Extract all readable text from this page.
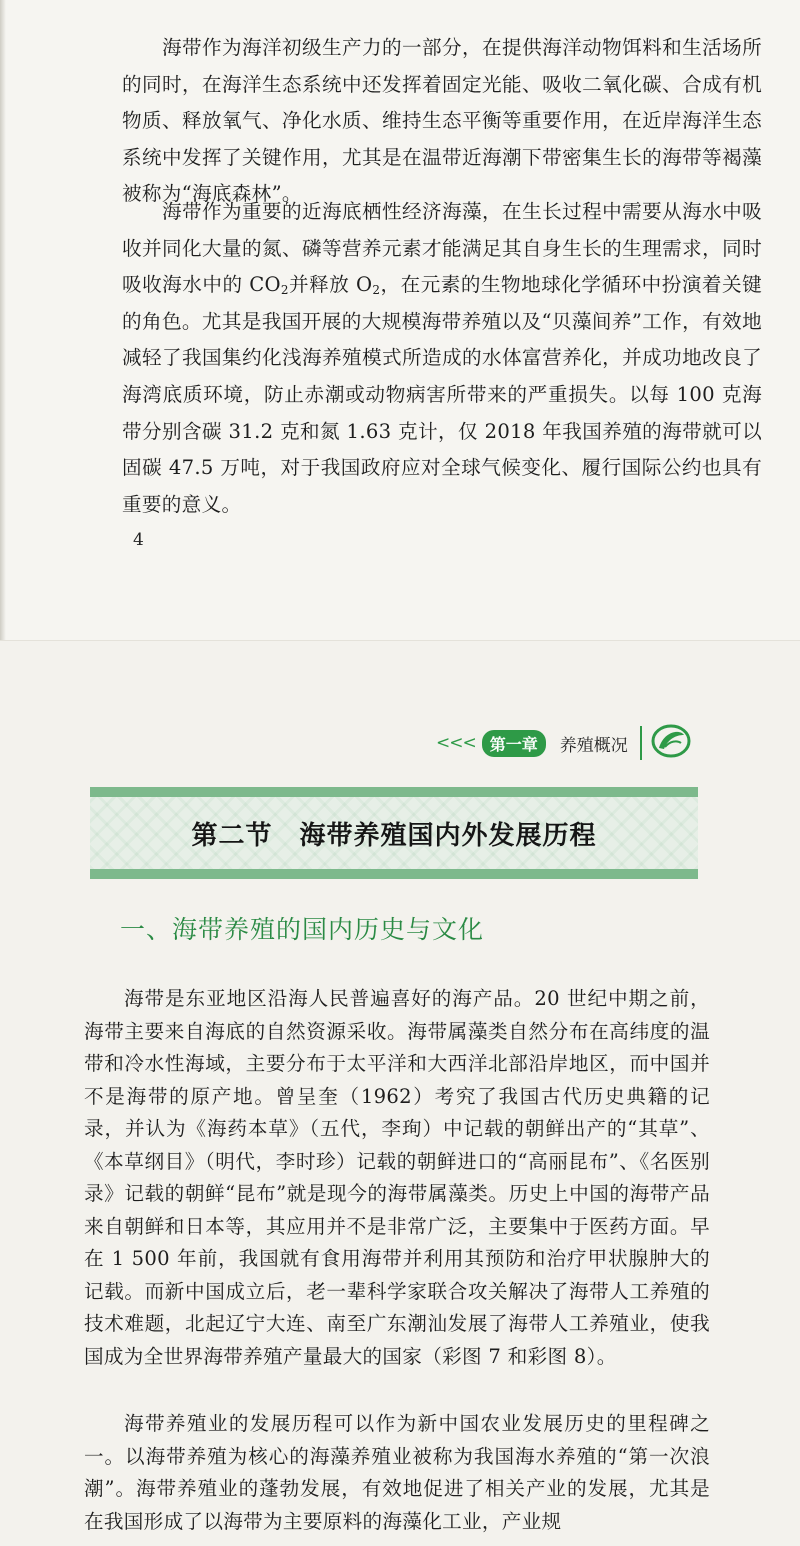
海带作为海洋初级生产力的一部分，在提供海洋动物饵料和生活场所的同时，在海洋生态系统中还发挥着固定光能、吸收二氧化碳、合成有机物质、释放氧气、净化水质、维持生态平衡等重要作用，在近岸海洋生态系统中发挥了关键作用，尤其是在温带近海潮下带密集生长的海带等褐藻被称为“海底森林”。

海带作为重要的近海底栖性经济海藻，在生长过程中需要从海水中吸收并同化大量的氮、磷等营养元素才能满足其自身生长的生理需求，同时吸收海水中的 $CO_2$并释放 $O_2$，在元素的生物地球化学循环中扮演着关键的角色。尤其是我国开展的大规模海带养殖以及“贝藻间养”工作，有效地减轻了我国集约化浅海养殖模式所造成的水体富营养化，并成功地改良了海湾底质环境，防止赤潮或动物病害所带来的严重损失。以每 100 克海带分别含碳 31.2 克和氮 1.63 克计，仅 2018 年我国养殖的海带就可以固碳 47.5 万吨，对于我国政府应对全球气候变化、履行国际公约也具有重要的意义。

4
<<< 第一章	养殖概况
第二节　海带养殖国内外发展历程
一、海带养殖的国内历史与文化

海带是东亚地区沿海人民普遍喜好的海产品。20 世纪中期之前，海带主要来自海底的自然资源采收。海带属藻类自然分布在高纬度的温带和冷水性海域，主要分布于太平洋和大西洋北部沿岸地区，而中国并不是海带的原产地。曾呈奎（1962）考究了我国古代历史典籍的记录，并认为《海药本草》（五代，李珣）中记载的朝鲜出产的“其草”、《本草纲目》（明代，李时珍）记载的朝鲜进口的“高丽昆布”、《名医别录》记载的朝鲜“昆布”就是现今的海带属藻类。历史上中国的海带产品来自朝鲜和日本等，其应用并不是非常广泛，主要集中于医药方面。早在 1 500 年前，我国就有食用海带并利用其预防和治疗甲状腺肿大的记载。而新中国成立后，老一辈科学家联合攻关解决了海带人工养殖的技术难题，北起辽宁大连、南至广东潮汕发展了海带人工养殖业，使我国成为全世界海带养殖产量最大的国家（彩图 7 和彩图 8）。

海带养殖业的发展历程可以作为新中国农业发展历史的里程碑之一。以海带养殖为核心的海藻养殖业被称为我国海水养殖的“第一次浪潮”。海带养殖业的蓬勃发展，有效地促进了相关产业的发展，尤其是在我国形成了以海带为主要原料的海藻化工业，产业规
